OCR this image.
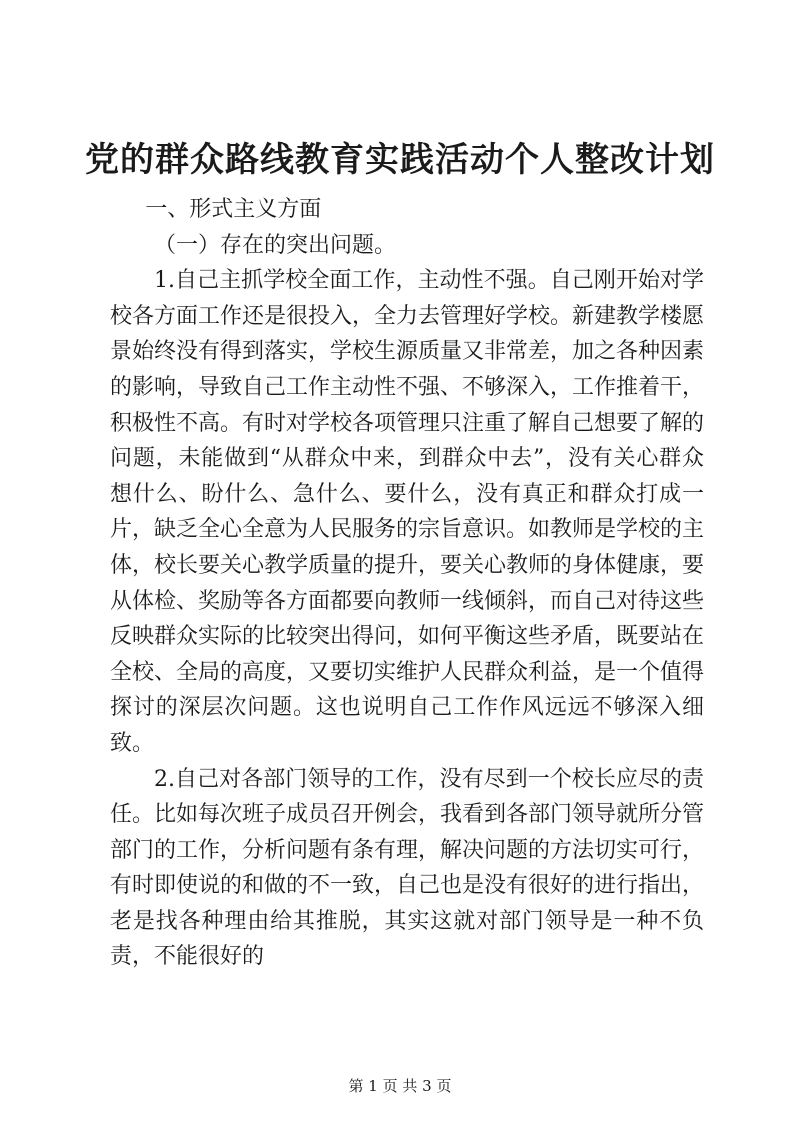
党的群众路线教育实践活动个人整改计划

一、形式主义方面

（一）存在的突出问题。

1.自己主抓学校全面工作，主动性不强。自己刚开始对学校各方面工作还是很投入，全力去管理好学校。新建教学楼愿景始终没有得到落实，学校生源质量又非常差，加之各种因素的影响，导致自己工作主动性不强、不够深入，工作推着干，积极性不高。有时对学校各项管理只注重了解自己想要了解的问题，未能做到“从群众中来，到群众中去”，没有关心群众想什么、盼什么、急什么、要什么，没有真正和群众打成一片，缺乏全心全意为人民服务的宗旨意识。如教师是学校的主体，校长要关心教学质量的提升，要关心教师的身体健康，要从体检、奖励等各方面都要向教师一线倾斜，而自己对待这些反映群众实际的比较突出得问，如何平衡这些矛盾，既要站在全校、全局的高度，又要切实维护人民群众利益，是一个值得探讨的深层次问题。这也说明自己工作作风远远不够深入细致。

2.自己对各部门领导的工作，没有尽到一个校长应尽的责任。比如每次班子成员召开例会，我看到各部门领导就所分管部门的工作，分析问题有条有理，解决问题的方法切实可行，有时即使说的和做的不一致，自己也是没有很好的进行指出，老是找各种理由给其推脱，其实这就对部门领导是一种不负责，不能很好的

第 1 页 共 3 页
